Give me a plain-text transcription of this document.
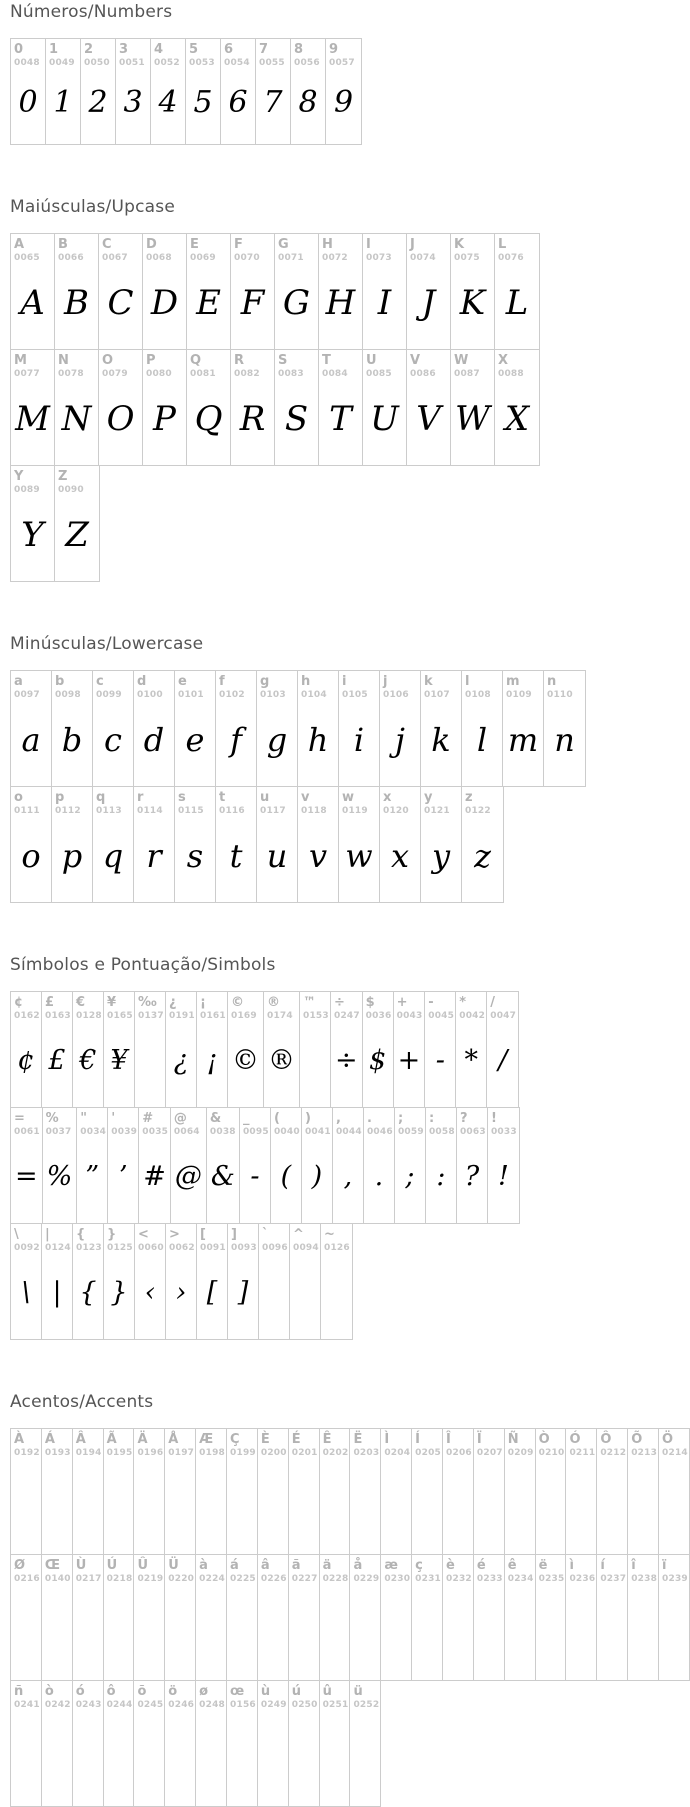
Números/Numbers
0
0048
0
1
0049
1
2
0050
2
3
0051
3
4
0052
4
5
0053
5
6
0054
6
7
0055
7
8
0056
8
9
0057
9
Maiúsculas/Upcase
A
0065
A
B
0066
B
C
0067
C
D
0068
D
E
0069
E
F
0070
F
G
0071
G
H
0072
H
I
0073
I
J
0074
J
K
0075
K
L
0076
L
M
0077
M
N
0078
N
O
0079
O
P
0080
P
Q
0081
Q
R
0082
R
S
0083
S
T
0084
T
U
0085
U
V
0086
V
W
0087
W
X
0088
X
Y
0089
Y
Z
0090
Z
Minúsculas/Lowercase
a
0097
a
b
0098
b
c
0099
c
d
0100
d
e
0101
e
f
0102
f
g
0103
g
h
0104
h
i
0105
i
j
0106
j
k
0107
k
l
0108
l
m
0109
m
n
0110
n
o
0111
o
p
0112
p
q
0113
q
r
0114
r
s
0115
s
t
0116
t
u
0117
u
v
0118
v
w
0119
w
x
0120
x
y
0121
y
z
0122
z
Símbolos e Pontuação/Simbols
¢
0162
¢
£
0163
£
€
0128
€
¥
0165
¥
‰
0137
¿
0191
¿
¡
0161
¡
©
0169
©
®
0174
®
™
0153
÷
0247
÷
$
0036
$
+
0043
+
-
0045
-
*
0042
*
/
0047
/
=
0061
=
%
0037
%
"
0034
”
'
0039
’
#
0035
#
@
0064
@
&
0038
&
_
0095
-
(
0040
(
)
0041
)
,
0044
,
.
0046
.
;
0059
;
:
0058
:
?
0063
?
!
0033
!
\
0092
\
|
0124
|
{
0123
{
}
0125
}
<
0060
‹
>
0062
›
[
0091
[
]
0093
]
`
0096
^
0094
~
0126
Acentos/Accents
À
0192
Á
0193
Â
0194
Ã
0195
Ä
0196
Å
0197
Æ
0198
Ç
0199
È
0200
É
0201
Ê
0202
Ë
0203
Ì
0204
Í
0205
Î
0206
Ï
0207
Ñ
0209
Ò
0210
Ó
0211
Ô
0212
Õ
0213
Ö
0214
Ø
0216
Œ
0140
Ù
0217
Ú
0218
Û
0219
Ü
0220
à
0224
á
0225
â
0226
ã
0227
ä
0228
å
0229
æ
0230
ç
0231
è
0232
é
0233
ê
0234
ë
0235
ì
0236
í
0237
î
0238
ï
0239
ñ
0241
ò
0242
ó
0243
ô
0244
õ
0245
ö
0246
ø
0248
œ
0156
ù
0249
ú
0250
û
0251
ü
0252
